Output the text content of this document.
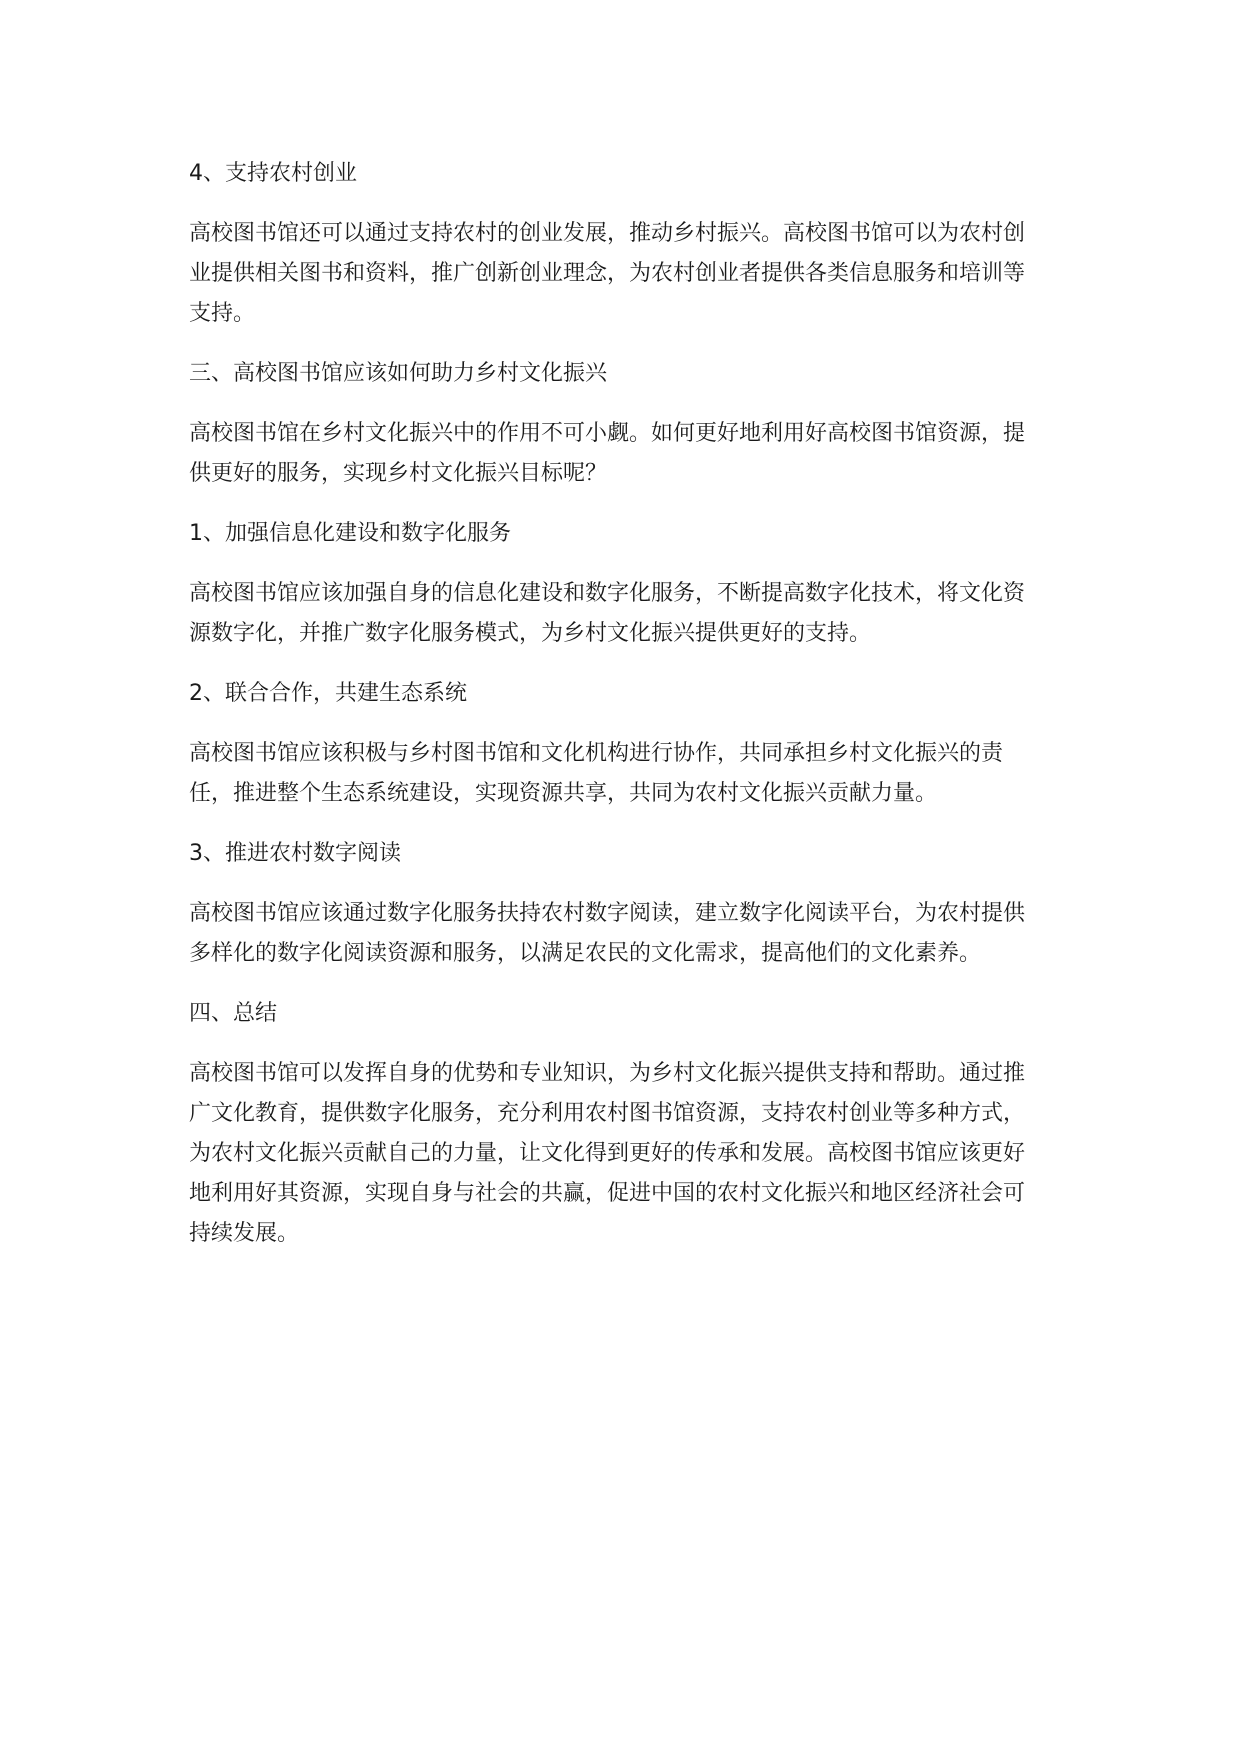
4、支持农村创业

高校图书馆还可以通过支持农村的创业发展，推动乡村振兴。高校图书馆可以为农村创业提供相关图书和资料，推广创新创业理念，为农村创业者提供各类信息服务和培训等支持。

三、高校图书馆应该如何助力乡村文化振兴

高校图书馆在乡村文化振兴中的作用不可小觑。如何更好地利用好高校图书馆资源，提供更好的服务，实现乡村文化振兴目标呢？

1、加强信息化建设和数字化服务

高校图书馆应该加强自身的信息化建设和数字化服务，不断提高数字化技术，将文化资源数字化，并推广数字化服务模式，为乡村文化振兴提供更好的支持。

2、联合合作，共建生态系统

高校图书馆应该积极与乡村图书馆和文化机构进行协作，共同承担乡村文化振兴的责任，推进整个生态系统建设，实现资源共享，共同为农村文化振兴贡献力量。

3、推进农村数字阅读

高校图书馆应该通过数字化服务扶持农村数字阅读，建立数字化阅读平台，为农村提供多样化的数字化阅读资源和服务，以满足农民的文化需求，提高他们的文化素养。

四、总结

高校图书馆可以发挥自身的优势和专业知识，为乡村文化振兴提供支持和帮助。通过推广文化教育，提供数字化服务，充分利用农村图书馆资源，支持农村创业等多种方式，为农村文化振兴贡献自己的力量，让文化得到更好的传承和发展。高校图书馆应该更好地利用好其资源，实现自身与社会的共赢，促进中国的农村文化振兴和地区经济社会可持续发展。
